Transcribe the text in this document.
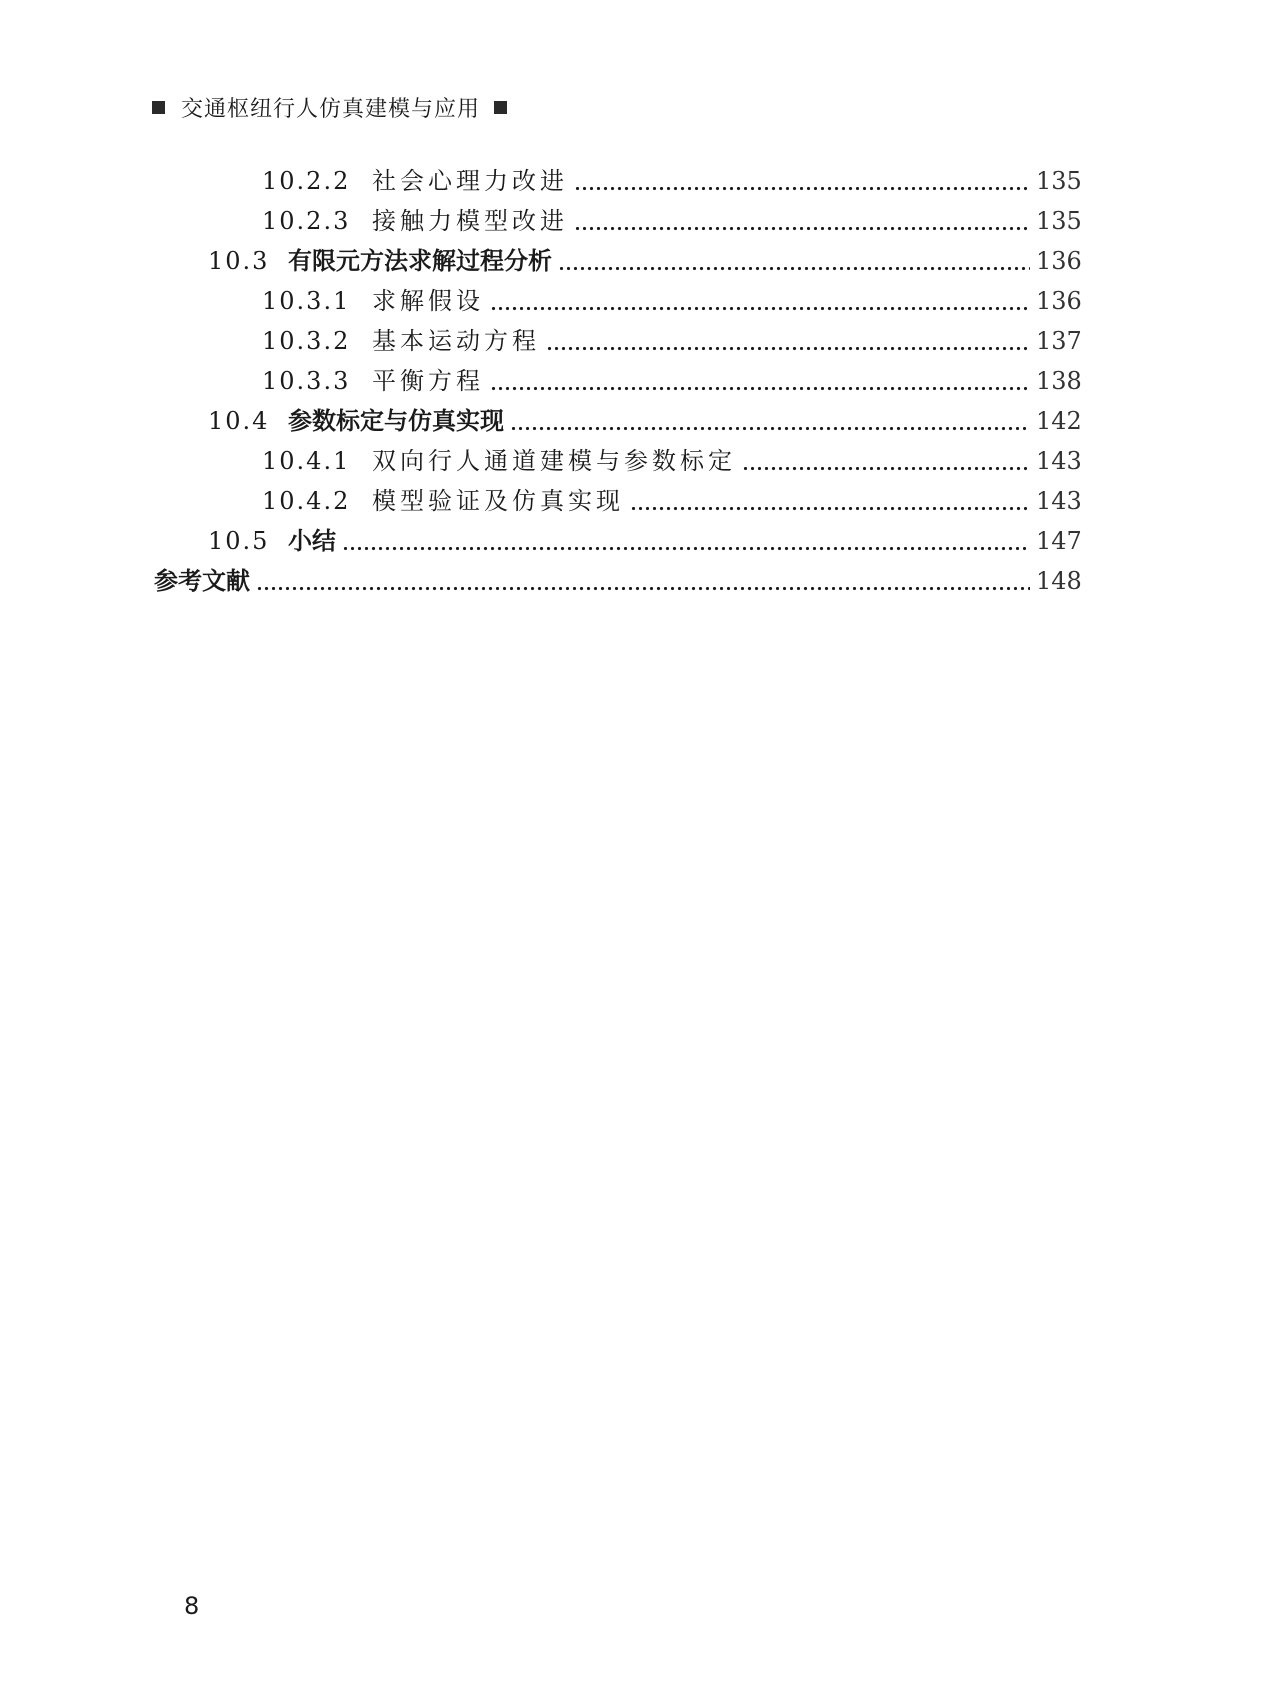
交通枢纽行人仿真建模与应用
10.2.2 社会心理力改进	135
10.2.3 接触力模型改进	135
10.3 有限元方法求解过程分析	136
10.3.1 求解假设	136
10.3.2 基本运动方程	137
10.3.3 平衡方程	138
10.4 参数标定与仿真实现	142
10.4.1 双向行人通道建模与参数标定	143
10.4.2 模型验证及仿真实现	143
10.5 小结	147
参考文献	148
8
